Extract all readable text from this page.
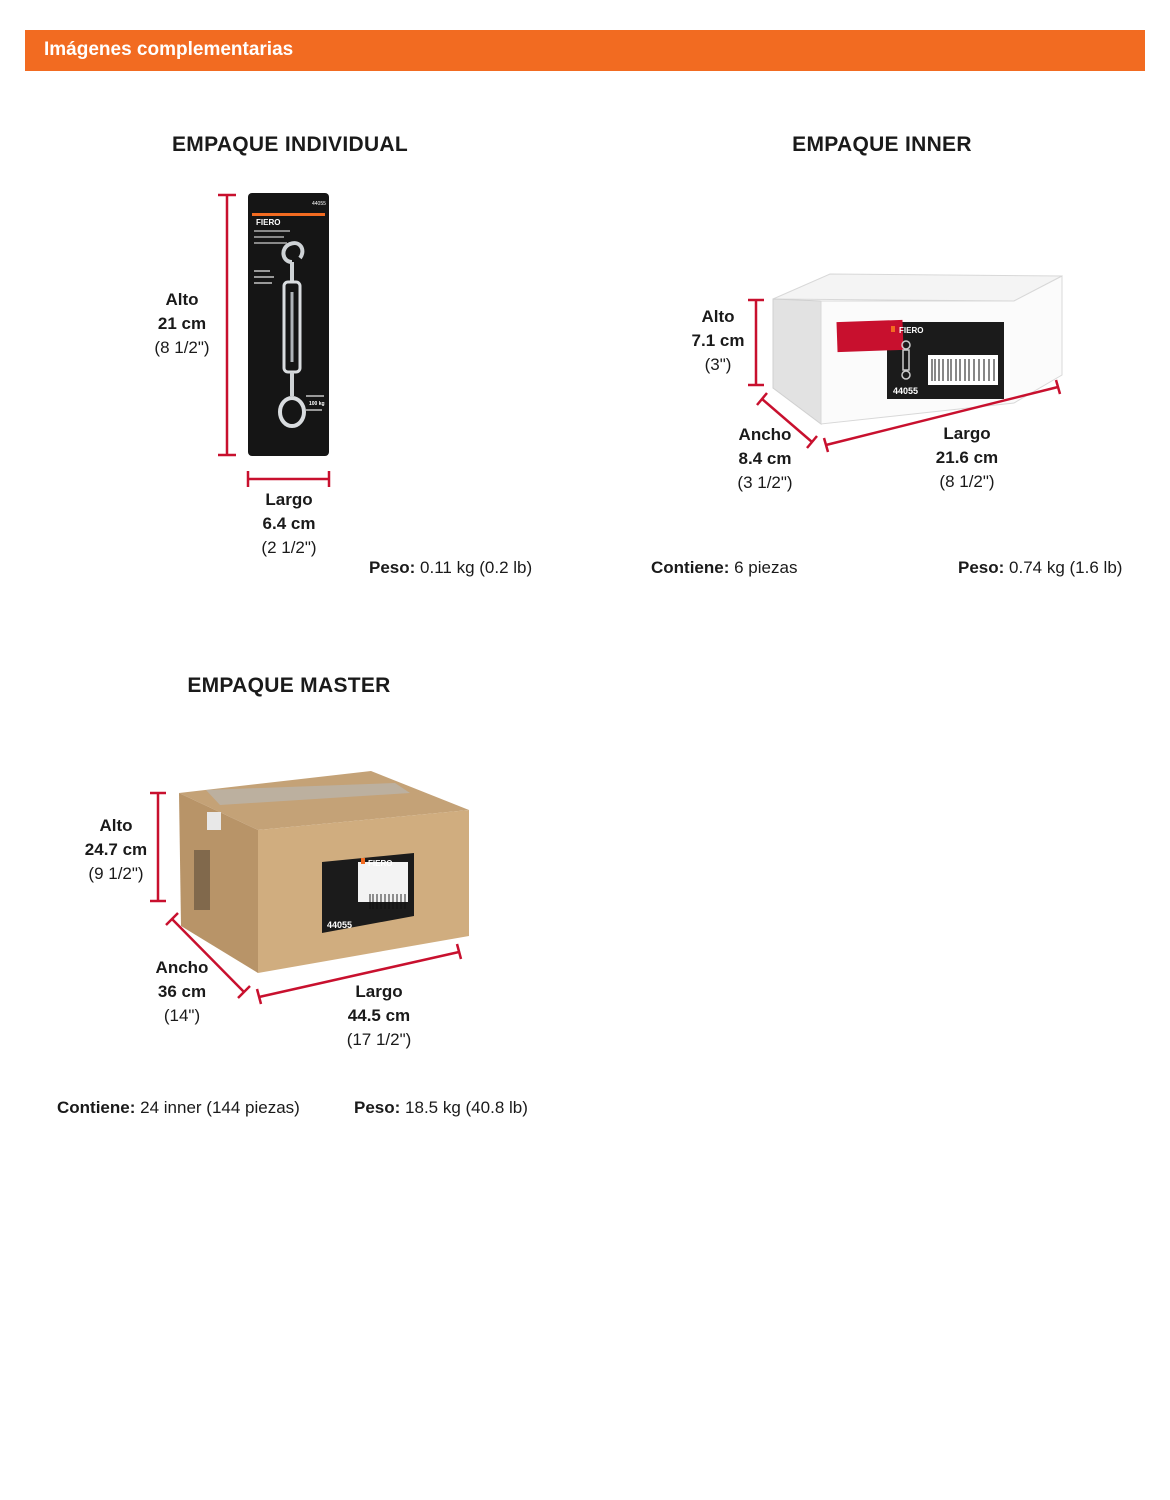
Imágenes complementarias
FIERO
44055
100 kg
FIERO
44055
FIERO
44055
EMPAQUE INDIVIDUAL
Alto
21 cm
(8 1/2")
Largo
6.4 cm
(2 1/2")
Peso: 0.11 kg (0.2 lb)
EMPAQUE INNER
Alto
7.1 cm
(3")
Ancho
8.4 cm
(3 1/2")
Largo
21.6 cm
(8 1/2")
Contiene: 6 piezas	Peso: 0.74 kg (1.6 lb)
EMPAQUE MASTER
Alto
24.7 cm
(9 1/2")
Ancho
36 cm
(14")
Largo
44.5 cm
(17 1/2")
Contiene: 24 inner (144 piezas)	Peso: 18.5 kg (40.8 lb)
